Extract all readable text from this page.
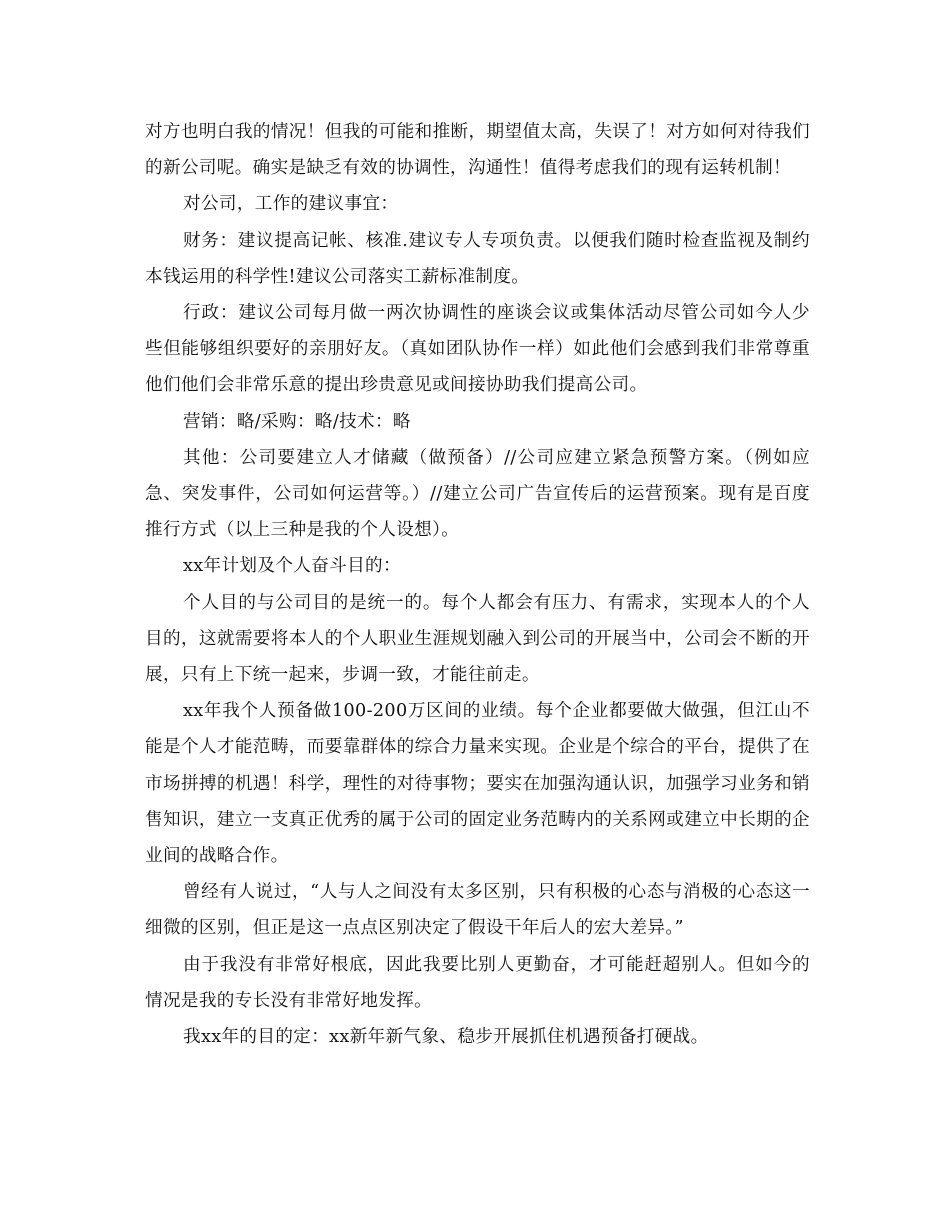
对方也明白我的情况！但我的可能和推断，期望值太高，失误了！对方如何对待我们的新公司呢。确实是缺乏有效的协调性，沟通性！值得考虑我们的现有运转机制！

对公司，工作的建议事宜：

财务：建议提高记帐、核准.建议专人专项负责。以便我们随时检查监视及制约本钱运用的科学性!建议公司落实工薪标准制度。

行政：建议公司每月做一两次协调性的座谈会议或集体活动尽管公司如今人少些但能够组织要好的亲朋好友。（真如团队协作一样）如此他们会感到我们非常尊重他们他们会非常乐意的提出珍贵意见或间接协助我们提高公司。

营销：略/采购：略/技术：略

其他：公司要建立人才储藏（做预备）//公司应建立紧急预警方案。（例如应急、突发事件，公司如何运营等。）//建立公司广告宣传后的运营预案。现有是百度推行方式（以上三种是我的个人设想）。

xx年计划及个人奋斗目的：

个人目的与公司目的是统一的。每个人都会有压力、有需求，实现本人的个人目的，这就需要将本人的个人职业生涯规划融入到公司的开展当中，公司会不断的开展，只有上下统一起来，步调一致，才能往前走。

xx年我个人预备做100-200万区间的业绩。每个企业都要做大做强，但江山不能是个人才能范畴，而要靠群体的综合力量来实现。企业是个综合的平台，提供了在市场拼搏的机遇！科学，理性的对待事物；要实在加强沟通认识，加强学习业务和销售知识，建立一支真正优秀的属于公司的固定业务范畴内的关系网或建立中长期的企业间的战略合作。

曾经有人说过，“人与人之间没有太多区别，只有积极的心态与消极的心态这一细微的区别，但正是这一点点区别决定了假设干年后人的宏大差异。”

由于我没有非常好根底，因此我要比别人更勤奋，才可能赶超别人。但如今的情况是我的专长没有非常好地发挥。

我xx年的目的定：xx新年新气象、稳步开展抓住机遇预备打硬战。
